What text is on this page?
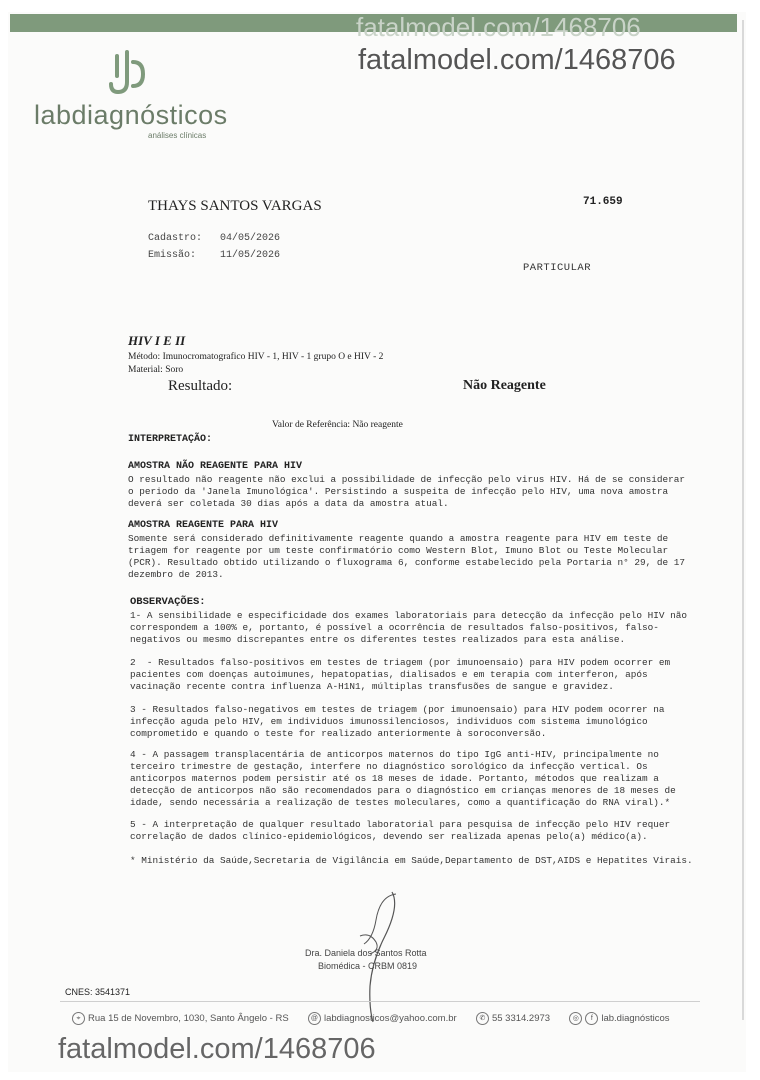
fatalmodel.com/1468706
fatalmodel.com/1468706
labdiagnósticos
análises clínicas
THAYS SANTOS VARGAS	71.659
Cadastro: 04/05/2026
Emissão: 11/05/2026
PARTICULAR
HIV I E II
Método: Imunocromatografico HIV - 1, HIV - 1 grupo O e HIV - 2
Material: Soro
Resultado:	Não Reagente
Valor de Referência: Não reagente
INTERPRETAÇÃO:
AMOSTRA NÃO REAGENTE PARA HIV
O resultado não reagente não exclui a possibilidade de infecção pelo virus HIV. Há de se considerar
o periodo da 'Janela Imunológica'. Persistindo a suspeita de infecção pelo HIV, uma nova amostra
deverá ser coletada 30 dias após a data da amostra atual.
AMOSTRA REAGENTE PARA HIV
Somente será considerado definitivamente reagente quando a amostra reagente para HIV em teste de
triagem for reagente por um teste confirmatório como Western Blot, Imuno Blot ou Teste Molecular
(PCR). Resultado obtido utilizando o fluxograma 6, conforme estabelecido pela Portaria n° 29, de 17
dezembro de 2013.
OBSERVAÇÕES:
1- A sensibilidade e especificidade dos exames laboratoriais para detecção da infecção pelo HIV não
correspondem a 100% e, portanto, é possível a ocorrência de resultados falso-positivos, falso-
negativos ou mesmo discrepantes entre os diferentes testes realizados para esta análise.
2  - Resultados falso-positivos em testes de triagem (por imunoensaio) para HIV podem ocorrer em
pacientes com doenças autoimunes, hepatopatias, dialisados e em terapia com interferon, após
vacinação recente contra influenza A-H1N1, múltiplas transfusões de sangue e gravidez.
3 - Resultados falso-negativos em testes de triagem (por imunoensaio) para HIV podem ocorrer na
infecção aguda pelo HIV, em individuos imunossilenciosos, individuos com sistema imunológico
comprometido e quando o teste for realizado anteriormente à soroconversão.
4 - A passagem transplacentária de anticorpos maternos do tipo IgG anti-HIV, principalmente no
terceiro trimestre de gestação, interfere no diagnóstico sorológico da infecção vertical. Os
anticorpos maternos podem persistir até os 18 meses de idade. Portanto, métodos que realizam a
detecção de anticorpos não são recomendados para o diagnóstico em crianças menores de 18 meses de
idade, sendo necessária a realização de testes moleculares, como a quantificação do RNA viral).*
5 - A interpretação de qualquer resultado laboratorial para pesquisa de infecção pelo HIV requer
correlação de dados clínico-epidemiológicos, devendo ser realizada apenas pelo(a) médico(a).
* Ministério da Saúde,Secretaria de Vigilância em Saúde,Departamento de DST,AIDS e Hepatites Virais.
Dra. Daniela dos Santos Rotta
Biomédica - CRBM 0819
CNES: 3541371
⌖ Rua 15 de Novembro, 1030, Santo Ângelo - RS	@ labdiagnosticos@yahoo.com.br	✆ 55 3314.2973	◎ f lab.diagnósticos
fatalmodel.com/1468706
